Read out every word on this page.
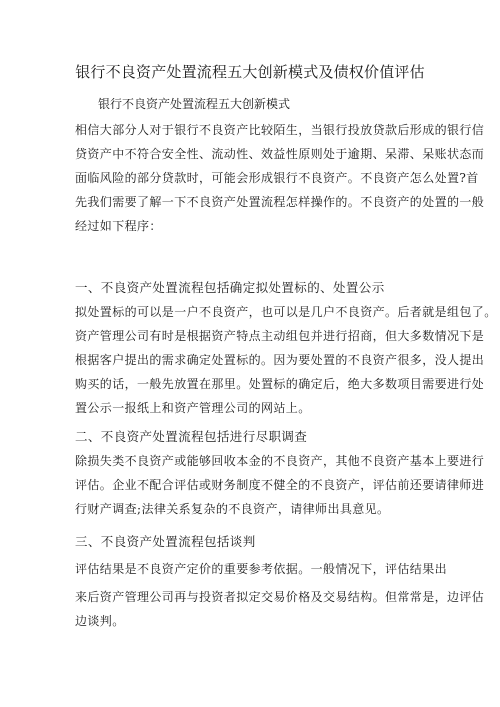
银行不良资产处置流程五大创新模式及债权价值评估
银行不良资产处置流程五大创新模式
相信大部分人对于银行不良资产比较陌生，当银行投放贷款后形成的银行信
贷资产中不符合安全性、流动性、效益性原则处于逾期、呆滞、呆账状态而
面临风险的部分贷款时，可能会形成银行不良资产。不良资产怎么处置?首
先我们需要了解一下不良资产处置流程怎样操作的。不良资产的处置的一般
经过如下程序：
一、不良资产处置流程包括确定拟处置标的、处置公示
拟处置标的可以是一户不良资产，也可以是几户不良资产。后者就是组包了。
资产管理公司有时是根据资产特点主动组包并进行招商，但大多数情况下是
根据客户提出的需求确定处置标的。因为要处置的不良资产很多，没人提出
购买的话，一般先放置在那里。处置标的确定后，绝大多数项目需要进行处
置公示一报纸上和资产管理公司的网站上。
二、不良资产处置流程包括进行尽职调查
除损失类不良资产或能够回收本金的不良资产，其他不良资产基本上要进行
评估。企业不配合评估或财务制度不健全的不良资产，评估前还要请律师进
行财产调查;法律关系复杂的不良资产，请律师出具意见。
三、不良资产处置流程包括谈判
评估结果是不良资产定价的重要参考依据。一般情况下，评估结果出
来后资产管理公司再与投资者拟定交易价格及交易结构。但常常是，边评估
边谈判。
